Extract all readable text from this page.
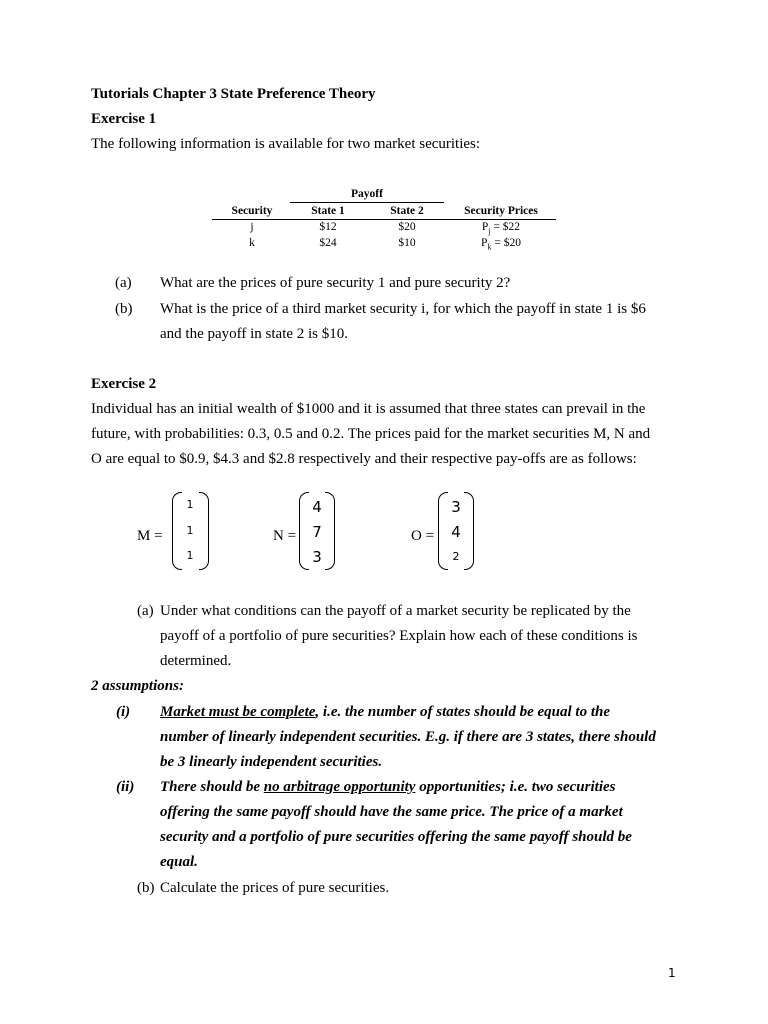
Tutorials Chapter 3 State Preference Theory
Exercise 1
The following information is available for two market securities:
Payoff
Security	State 1	State 2	Security Prices
j	$12	$20	$P_j$ = $22
k	$24	$10	$P_k$ = $20
(a) What are the prices of pure security 1 and pure security 2?
(b) What is the price of a third market security i, for which the payoff in state 1 is $6
and the payoff in state 2 is $10.
Exercise 2
Individual has an initial wealth of $1000 and it is assumed that three states can prevail in the
future, with probabilities: 0.3, 0.5 and 0.2. The prices paid for the market securities M, N and
O are equal to $0.9, $4.3 and $2.8 respectively and their respective pay-offs are as follows:
M =
1
1
1
N =
4
7
3
O =
3
4
2
(a) Under what conditions can the payoff of a market security be replicated by the
payoff of a portfolio of pure securities? Explain how each of these conditions is
determined.
2 assumptions:
(i) Market must be complete, i.e. the number of states should be equal to the
number of linearly independent securities. E.g. if there are 3 states, there should
be 3 linearly independent securities.
(ii) There should be no arbitrage opportunity opportunities; i.e. two securities
offering the same payoff should have the same price. The price of a market
security and a portfolio of pure securities offering the same payoff should be
equal.
(b) Calculate the prices of pure securities.
1
